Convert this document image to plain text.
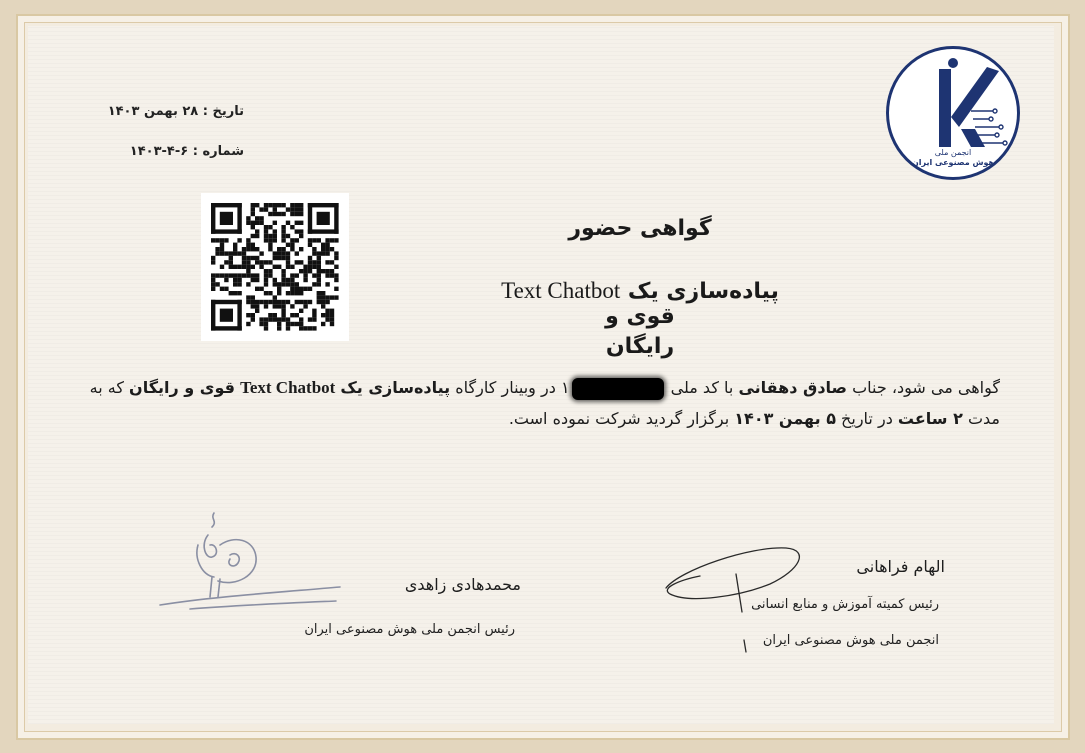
انجمن ملی
هوش مصنوعی ایران
تاریخ : ۲۸ بهمن ۱۴۰۳
شماره : ۶-۴-۱۴۰۳
گواهی حضور
پیاده‌سازی یک Text Chatbot قوی و
رایگان
گواهی می شود، جناب صادق دهقانی با کد ملی ۱ در وبینار کارگاه پیاده‌سازی یک Text Chatbot قوی و رایگان که به مدت ۲ ساعت در تاریخ ۵ بهمن ۱۴۰۳ برگزار گردید شرکت نموده است.
محمدهادی زاهدی
رئیس انجمن ملی هوش مصنوعی ایران
الهام فراهانی
رئیس کمیته آموزش و منابع انسانی
انجمن ملی هوش مصنوعی ایران
